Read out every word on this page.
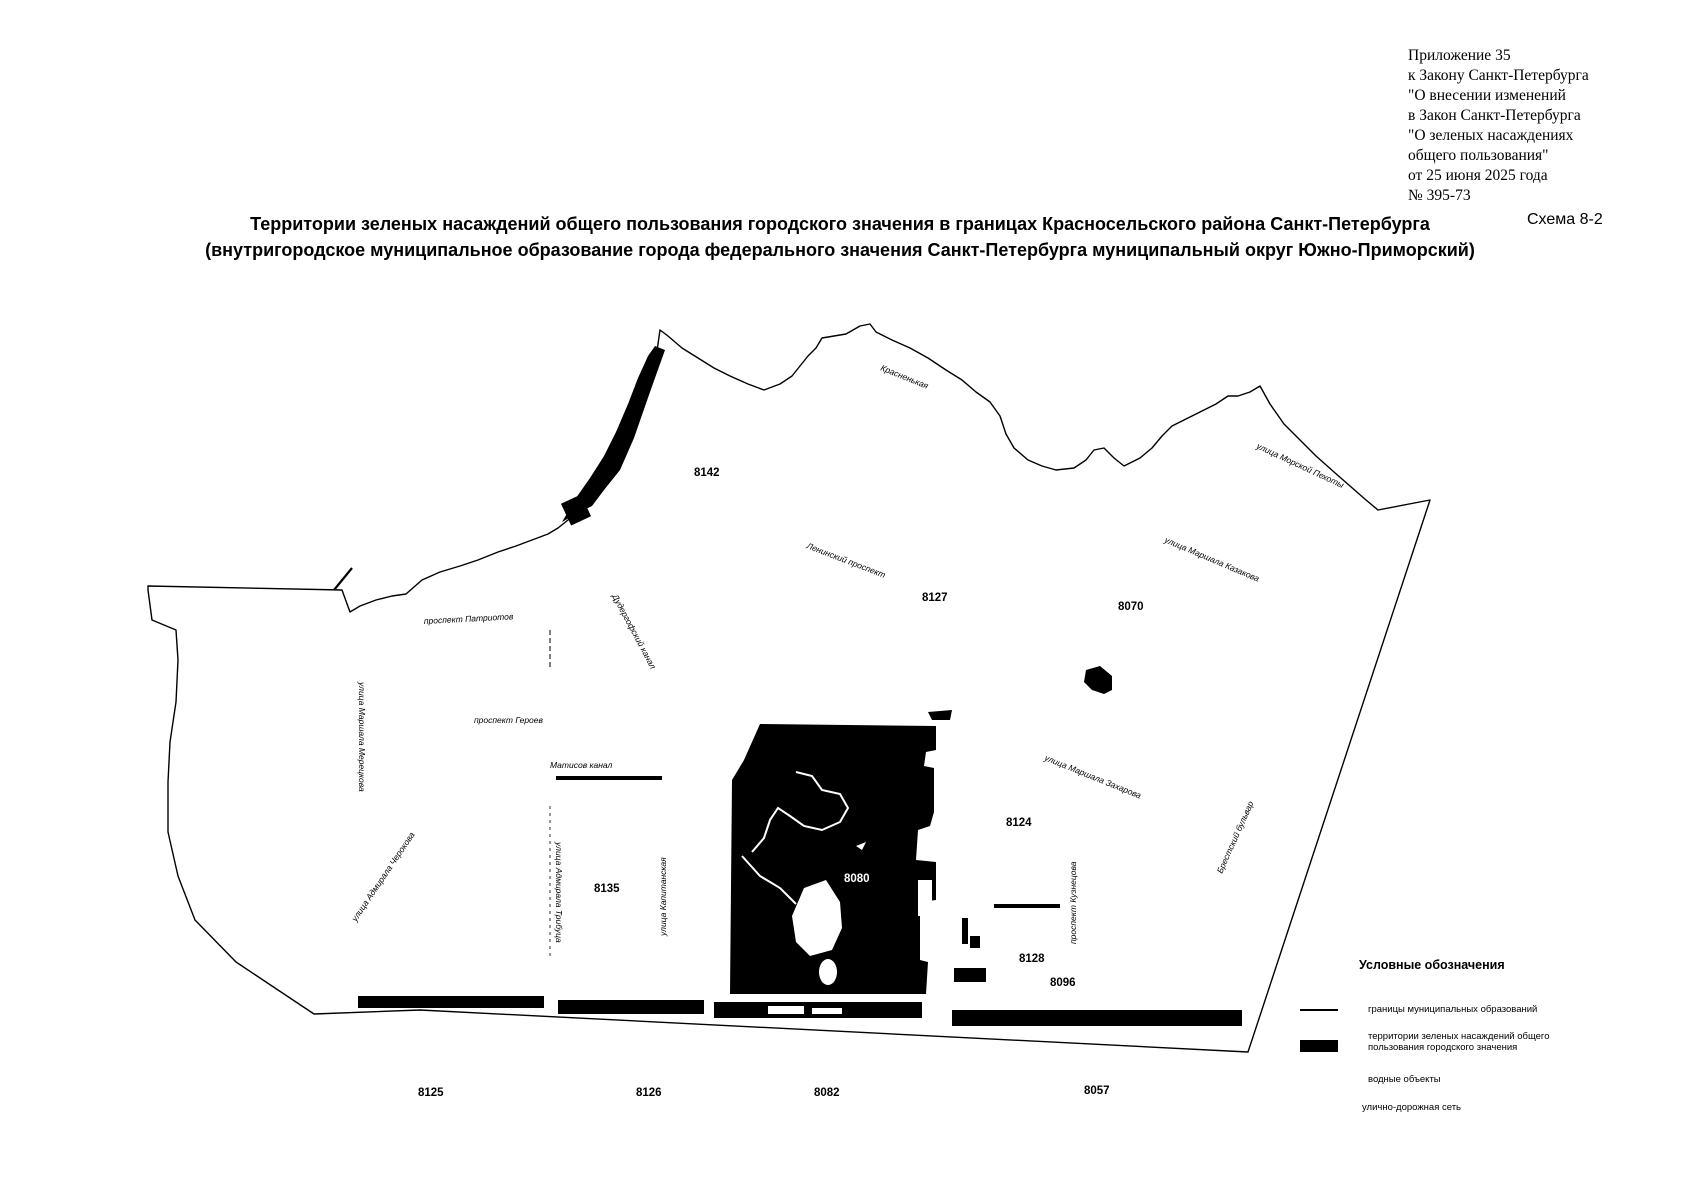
Приложение 35
к Закону Санкт-Петербурга
"О внесении изменений
в Закон Санкт-Петербурга
"О зеленых насаждениях
общего пользования"
от 25 июня 2025 года
№ 395-73
Территории зеленых насаждений общего пользования городского значения в границах Красносельского района Санкт-Петербурга
(внутригородское муниципальное образование города федерального значения Санкт-Петербурга муниципальный округ Южно-Приморский)
Схема 8-2
8142
8127
8070
8080
8124
8135
8128
8096
8125	8126	8082	8057
Красненькая
улица Морской Пехоты
Ленинский проспект	улица Маршала Казакова
Дудергофский канал
проспект Патриотов
проспект Героев
улица Маршала Мерецкова	Матисов канал	улица Маршала Захарова
Брестский бульвар
улица Адмирала Черокова	улица Адмирала Трибуца	улица Капитанская	проспект Кузнецова
Условные обозначения
границы муниципальных образований
территории зеленых насаждений общего пользования городского значения
водные объекты
улично-дорожная сеть
